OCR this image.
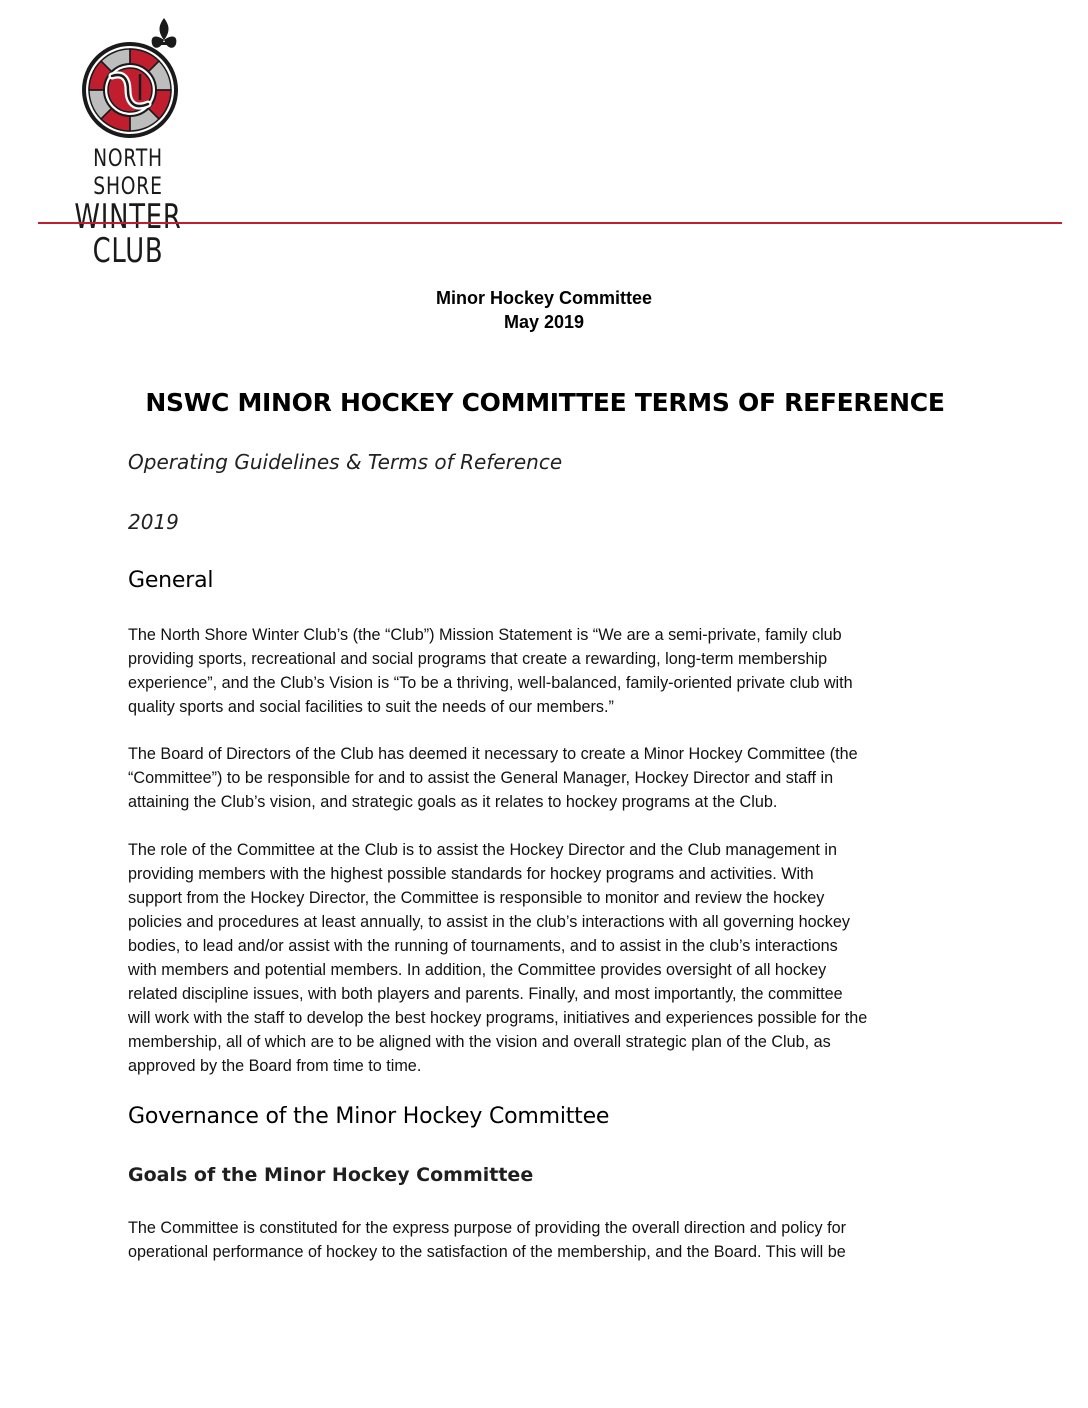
NORTH SHORE
WINTER CLUB
Minor Hockey Committee
May 2019
NSWC MINOR HOCKEY COMMITTEE TERMS OF REFERENCE
Operating Guidelines & Terms of Reference
2019
General
The North Shore Winter Club’s (the “Club”) Mission Statement is “We are a semi-private, family club
providing sports, recreational and social programs that create a rewarding, long-term membership
experience”, and the Club’s Vision is “To be a thriving, well-balanced, family-oriented private club with
quality sports and social facilities to suit the needs of our members.”
The Board of Directors of the Club has deemed it necessary to create a Minor Hockey Committee (the
“Committee”) to be responsible for and to assist the General Manager, Hockey Director and staff in
attaining the Club’s vision, and strategic goals as it relates to hockey programs at the Club.
The role of the Committee at the Club is to assist the Hockey Director and the Club management in
providing members with the highest possible standards for hockey programs and activities. With
support from the Hockey Director, the Committee is responsible to monitor and review the hockey
policies and procedures at least annually, to assist in the club’s interactions with all governing hockey
bodies, to lead and/or assist with the running of tournaments, and to assist in the club’s interactions
with members and potential members. In addition, the Committee provides oversight of all hockey
related discipline issues, with both players and parents. Finally, and most importantly, the committee
will work with the staff to develop the best hockey programs, initiatives and experiences possible for the
membership, all of which are to be aligned with the vision and overall strategic plan of the Club, as
approved by the Board from time to time.
Governance of the Minor Hockey Committee
Goals of the Minor Hockey Committee
The Committee is constituted for the express purpose of providing the overall direction and policy for
operational performance of hockey to the satisfaction of the membership, and the Board. This will be
